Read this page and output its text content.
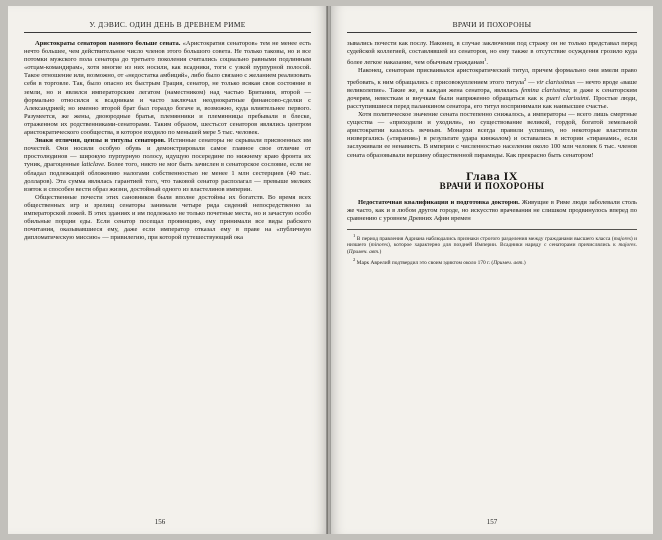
У. ДЭВИС. ОДИН ДЕНЬ В ДРЕВНЕМ РИМЕ

Аристократы сенаторов намного больше сената. «Аристократия сенаторов» тем не менее есть нечто большее, чем действительное число членов этого большого совета. Не только таковы, но и все потомки мужского пола сенатора до третьего поколения считались социально равными подлинным «отцам-командирам», хотя многие из них носили, как всадники, тоги с узкой пурпурной полосой. Такое отношение или, возможно, от «недостатка амбиций», либо было связано с желанием реализовать себя в торговле. Так, было опасно их быстрым Грация, сенатор, не только всякая своя состояние в земли, но и являлся императорским легатом (наместником) над частью Британии, второй — формально относился к всадникам и часто заключал неоднократные финансово-сделки с Александрией; но именно второй брат был гораздо богаче и, возможно, куда влиятельнее первого. Разумеется, же жены, двоюродные братья, племянники и племянницы пребывали в блеске, отраженном их родственниками-сенаторами. Таким образом, шестьсот сенаторов являлись центром аристократического сообщества, в которое входило по меньшей мере 5 тыс. человек.

Знаки отличия, цензы и титулы сенаторов. Истинные сенаторы не скрывали присвоенных им почестей. Они носили особую обувь и демонстрировали самое главное свое отличие от простолюдинов — широкую пурпурную полосу, идущую посередине по нижнему краю фронта их туник, драгоценные laticlave. Более того, никто не мог быть зачислен в сенаторское сословие, если не обладал подлежащей обложению налогами собственностью не менее 1 млн сестерциев (40 тыс. долларов). Эта сумма являлась гарантией того, что таковой сенатор располагал — превыше мелких взяток и способен вести образ жизни, достойный одного из властелинов империи.

Общественные почести этих сановников были вполне достойны их богатств. Во время всех общественных игр и зрелищ сенаторы занимали четыре ряда сидений непосредственно за императорской ложей. В этих зданиях и им подлежало не только почетные места, но и зачастую особо обильные порции еды. Если сенатор посещал провинцию, ему принимали все виды рабского почитания, оказывавшиеся ему, даже если император отказал ему в праве на «публичную дипломатическую миссию» — привилегию, при которой путешествующий ока

ВРАЧИ И ПОХОРОНЫ

зывались почести как послу. Наконец, в случае заключения под стражу он не только представал перед судейской коллегией, составлявшей из сенаторов, но ему также в отсутствие осуждения грозило куда более легкое наказание, чем обычным гражданам$^1$.

Наконец, сенаторам присваивался аристократический титул, причем формально они имели право требовать, к ним обращались с присовокуплением этого титула$^2$ — vir clarissimus — нечто вроде «ваше великолепие». Такие же, и каждая жена сенатора, являлась femina clarissima; и даже к сенаторским дочерям, невесткам и внучкам были напряженно обращаться как к pueri clarissimi. Простые люди, расступившиеся перед паланкином сенатора, его титул воспринимали как наивысшее счастье.

Хотя политическое значение сената постепенно снижалось, а императоры — всего лишь смертные существа — «приходили и уходили», но существование великой, гордой, богатой земельной аристократии казалось вечным. Монархи всегда правили успешно, но некоторые властители низвергались («тирания») в результате удара кинжалом) и оставались в истории «тиранами», если заслуживали ее ненависть. В империи с численностью населения около 100 млн человек 6 тыс. членов сената образовывали вершину общественной пирамиды. Как прекрасно быть сенатором!

Глава IX
ВРАЧИ И ПОХОРОНЫ

Недостаточная квалификация и подготовка докторов. Живущие в Риме люди заболевали столь же часто, как и в любом другом городе, но искусство врачевания не слишком продвинулось вперед по сравнению с уровнем Древних Афин времен

$^1$ В период правления Адриана наблюдались признаки строгого разделения между гражданами высшего класса (majores) и низшего (minores), которое характерно для поздней Империи. Всадники наряду с сенаторами причислялись к majores. (Примеч. авт.)

$^2$ Марк Аврелий подтвердил это своим эдиктом около 170 г. (Примеч. авт.)

156	157
